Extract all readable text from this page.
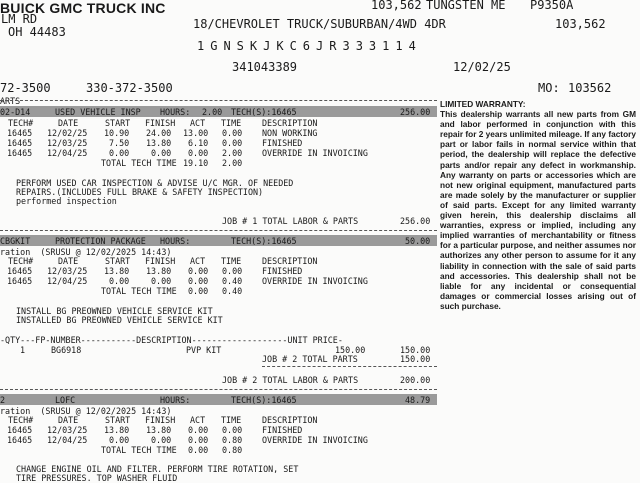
BUICK GMC TRUCK INC	103,562 TUNGSTEN ME P9350A
LM RD	18/CHEVROLET TRUCK/SUBURBAN/4WD 4DR	103,562
OH 44483
1GNSKJKC6JR333114
341043389	12/02/25
72-3500	330-372-3500	MO: 103562
ARTS
02-D14	USED VEHICLE INSP HOURS: 2.00 TECH(S):16465	256.00
TECH#	DATE	START FINISH ACT TIME DESCRIPTION
16465 12/02/25 10.90 24.00 13.00 0.00 NON WORKING
16465 12/03/25	7.50 13.80 6.10 0.00 FINISHED
16465 12/04/25	0.00	0.00 0.00 2.00 OVERRIDE IN INVOICING
TOTAL TECH TIME 19.10 2.00
PERFORM USED CAR INSPECTION & ADVISE U/C MGR. OF NEEDED
REPAIRS.(INCLUDES FULL BRAKE & SAFETY INSPECTION)
performed inspection
JOB # 1 TOTAL LABOR & PARTS	256.00
CBGKIT	PROTECTION PACKAGE HOURS:	TECH(S):16465	50.00
ration  (SRUSU @ 12/02/2025 14:43)
TECH#	DATE	START FINISH ACT TIME DESCRIPTION
16465 12/03/25 13.80 13.80 0.00 0.00 FINISHED
16465 12/04/25	0.00	0.00 0.00 0.40 OVERRIDE IN INVOICING
TOTAL TECH TIME 0.00 0.40
INSTALL BG PREOWNED VEHICLE SERVICE KIT
INSTALLED BG PREOWNED VEHICLE SERVICE KIT
-QTY---FP-NUMBER-----------DESCRIPTION-------------------UNIT PRICE-
1	BG6918	PVP KIT	150.00	150.00
JOB # 2 TOTAL PARTS	150.00
JOB # 2 TOTAL LABOR & PARTS	200.00
2	LOFC	HOURS:	TECH(S):16465	48.79
ration  (SRUSU @ 12/02/2025 14:43)
TECH#	DATE	START FINISH ACT TIME DESCRIPTION
16465 12/03/25 13.80 13.80 0.00 0.00 FINISHED
16465 12/04/25	0.00	0.00 0.00 0.80 OVERRIDE IN INVOICING
TOTAL TECH TIME 0.00 0.80
CHANGE ENGINE OIL AND FILTER. PERFORM TIRE ROTATION, SET
TIRE PRESSURES. TOP WASHER FLUID
LIMITED WARRANTY:
This dealership warrants all new parts from GM and labor performed in conjunction with this repair for 2 years unlimited mileage. If any factory part or labor fails in normal service within that period, the dealership will replace the defective parts and/or repair any defect in workmanship. Any warranty on parts or accessories which are not new original equipment, manufactured parts are made solely by the manufacturer or supplier of said parts. Except for any limited warranty given herein, this dealership disclaims all warranties, express or implied, including any implied warranties of merchantability or fitness for a particular purpose, and neither assumes nor authorizes any other person to assume for it any liability in connection with the sale of said parts and accessories. This dealership shall not be liable for any incidental or consequential damages or commercial losses arising out of such purchase.
